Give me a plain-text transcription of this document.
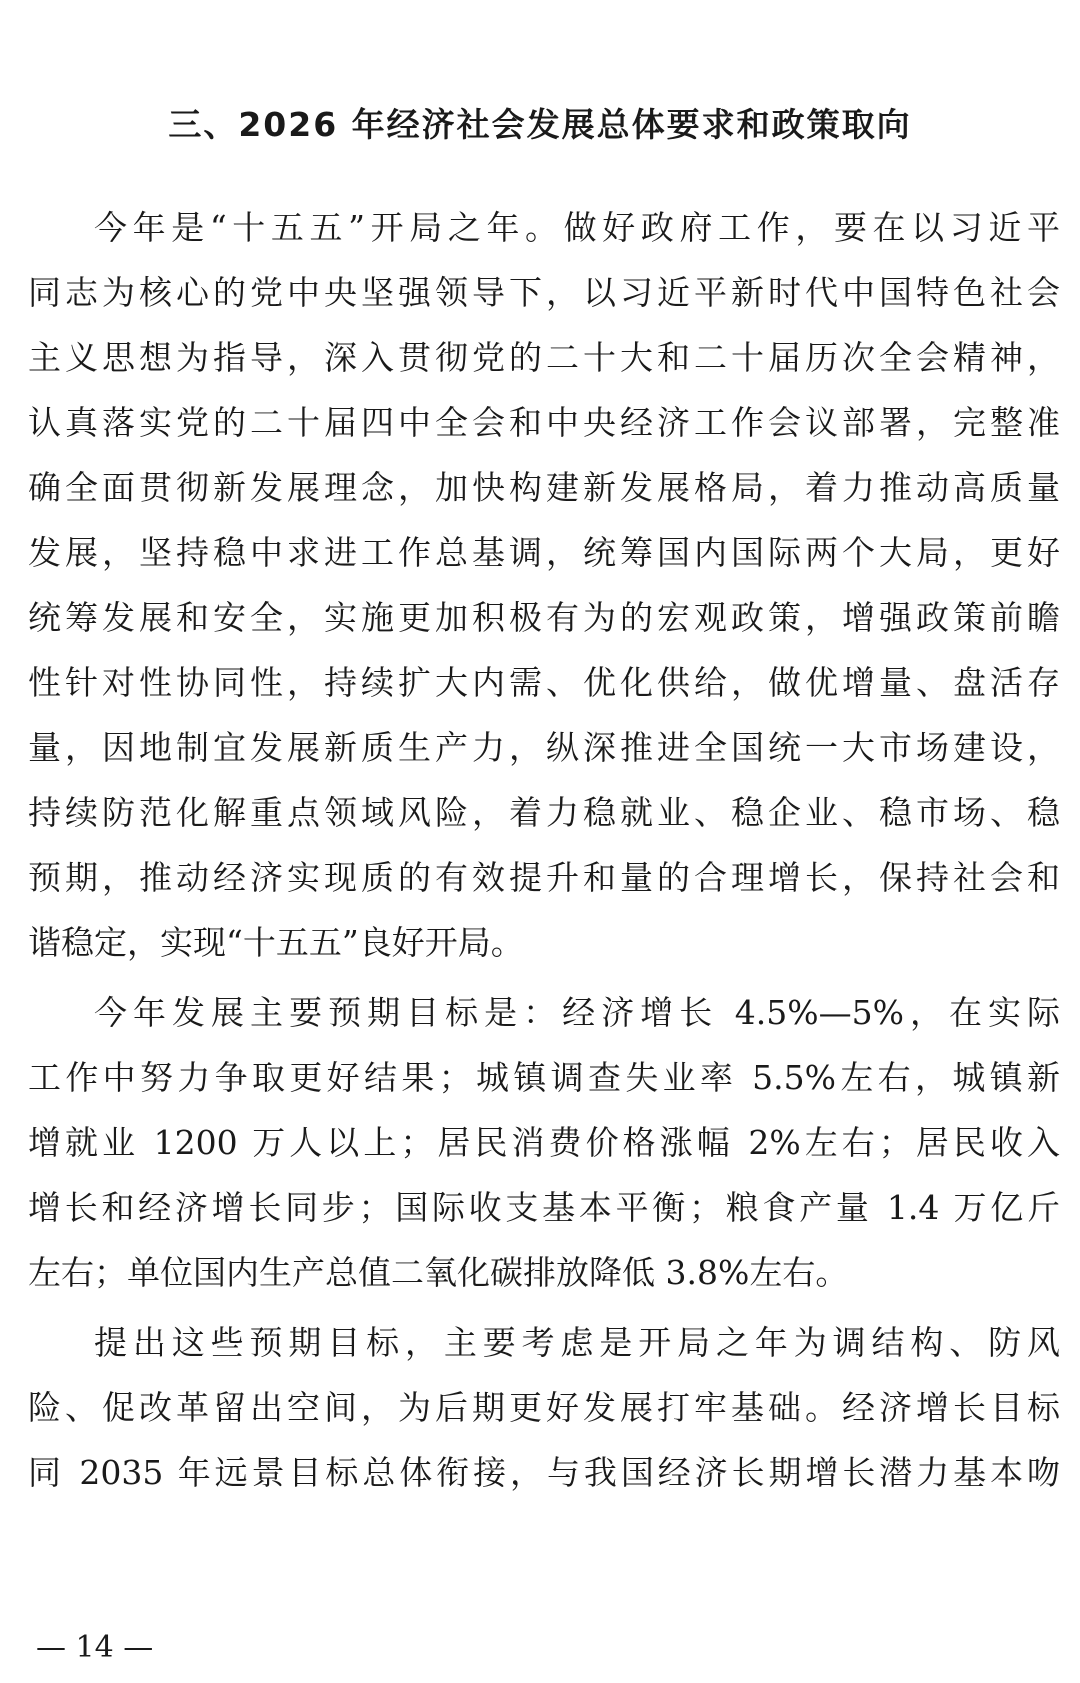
三、2026 年经济社会发展总体要求和政策取向
今年是“十五五”开局之年。做好政府工作，要在以习近平
同志为核心的党中央坚强领导下，以习近平新时代中国特色社会
主义思想为指导，深入贯彻党的二十大和二十届历次全会精神，
认真落实党的二十届四中全会和中央经济工作会议部署，完整准
确全面贯彻新发展理念，加快构建新发展格局，着力推动高质量
发展，坚持稳中求进工作总基调，统筹国内国际两个大局，更好
统筹发展和安全，实施更加积极有为的宏观政策，增强政策前瞻
性针对性协同性，持续扩大内需、优化供给，做优增量、盘活存
量，因地制宜发展新质生产力，纵深推进全国统一大市场建设，
持续防范化解重点领域风险，着力稳就业、稳企业、稳市场、稳
预期，推动经济实现质的有效提升和量的合理增长，保持社会和
谐稳定，实现“十五五”良好开局。
今年发展主要预期目标是：经济增长 4.5%—5%，在实际
工作中努力争取更好结果；城镇调查失业率 5.5%左右，城镇新
增就业 1200 万人以上；居民消费价格涨幅 2%左右；居民收入
增长和经济增长同步；国际收支基本平衡；粮食产量 1.4 万亿斤
左右；单位国内生产总值二氧化碳排放降低 3.8%左右。
提出这些预期目标，主要考虑是开局之年为调结构、防风
险、促改革留出空间，为后期更好发展打牢基础。经济增长目标
同 2035 年远景目标总体衔接，与我国经济长期增长潜力基本吻
— 14 —
